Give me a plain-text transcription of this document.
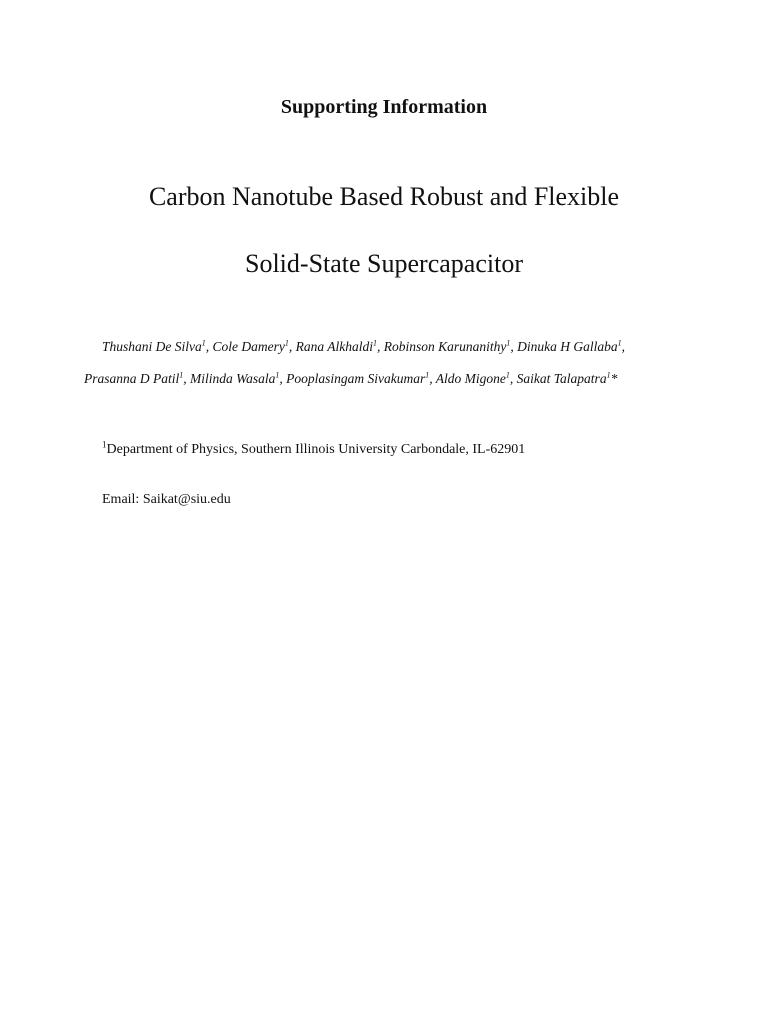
Supporting Information
Carbon Nanotube Based Robust and Flexible
Solid-State Supercapacitor
Thushani De Silva$^1$, Cole Damery$^1$, Rana Alkhaldi$^1$, Robinson Karunanithy$^1$, Dinuka H Gallaba$^1$, Prasanna D Patil$^1$, Milinda Wasala$^1$, Pooplasingam Sivakumar$^1$, Aldo Migone$^1$, Saikat Talapatra$^1$*
$^1$Department of Physics, Southern Illinois University Carbondale, IL-62901
Email: Saikat@siu.edu
